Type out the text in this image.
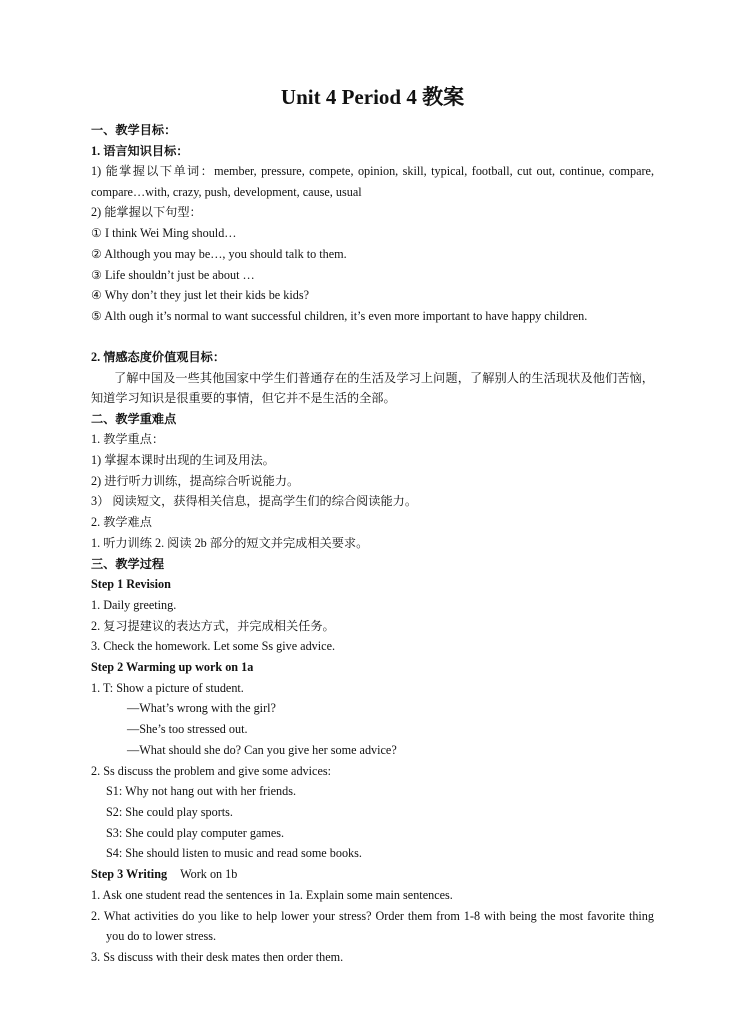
Unit 4 Period 4 教案
一、教学目标：
1. 语言知识目标：
1) 能掌握以下单词：member, pressure, compete, opinion, skill, typical, football, cut out, continue, compare, compare…with, crazy, push, development, cause, usual
2) 能掌握以下句型：
① I think Wei Ming should…
② Although you may be…, you should talk to them.
③ Life shouldn’t just be about …
④ Why don’t they just let their kids be kids?
⑤ Alth ough it’s normal to want successful children, it’s even more important to have happy children.
2. 情感态度价值观目标：
了解中国及一些其他国家中学生们普通存在的生活及学习上问题，了解别人的生活现状及他们苦恼，知道学习知识是很重要的事情，但它并不是生活的全部。
二、教学重难点
1. 教学重点：
1) 掌握本课时出现的生词及用法。
2) 进行听力训练，提高综合听说能力。
3） 阅读短文，获得相关信息，提高学生们的综合阅读能力。
2. 教学难点
1. 听力训练 2. 阅读 2b 部分的短文并完成相关要求。
三、教学过程
Step 1 Revision
1. Daily greeting.
2. 复习提建议的表达方式，并完成相关任务。
3. Check the homework. Let some Ss give advice.
Step 2 Warming up work on 1a
1. T: Show a picture of student.
—What’s wrong with the girl?
—She’s too stressed out.
—What should she do? Can you give her some advice?
2. Ss discuss the problem and give some advices:
S1: Why not hang out with her friends.
S2: She could play sports.
S3: She could play computer games.
S4: She should listen to music and read some books.
Step 3 Writing Work on 1b
1. Ask one student read the sentences in 1a. Explain some main sentences.
2. What activities do you like to help lower your stress? Order them from 1-8 with being the most favorite thing you do to lower stress.
3. Ss discuss with their desk mates then order them.
